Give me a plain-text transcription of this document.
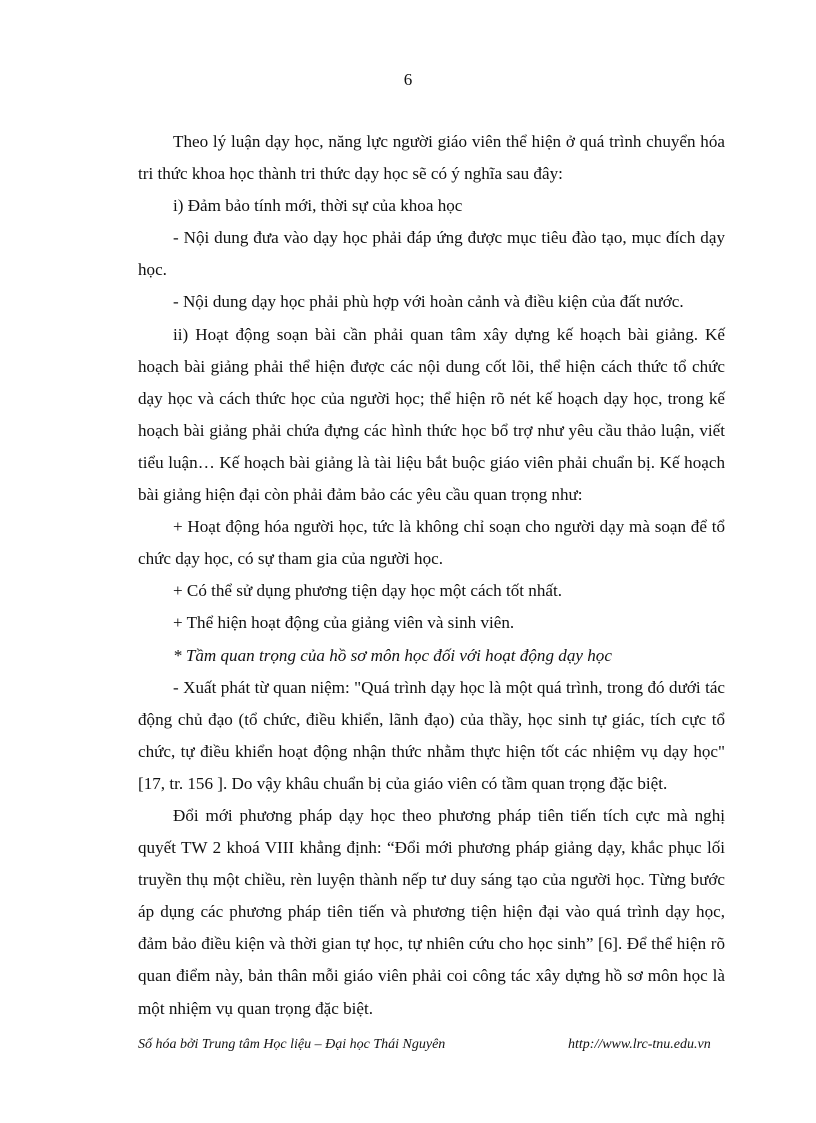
6

Theo lý luận dạy học, năng lực người giáo viên thể hiện ở quá trình chuyển hóa tri thức khoa học thành tri thức dạy học sẽ có ý nghĩa sau đây:

i) Đảm bảo tính mới, thời sự của khoa học

- Nội dung đưa vào dạy học phải đáp ứng được mục tiêu đào tạo, mục đích dạy học.

- Nội dung dạy học phải phù hợp với hoàn cảnh và điều kiện của đất nước.

ii) Hoạt động soạn bài cần phải quan tâm xây dựng kế hoạch bài giảng. Kế hoạch bài giảng phải thể hiện được các nội dung cốt lõi, thể hiện cách thức tổ chức dạy học và cách thức học của người học; thể hiện rõ nét kế hoạch dạy học, trong kế hoạch bài giảng phải chứa đựng các hình thức học bổ trợ như yêu cầu thảo luận, viết tiểu luận… Kế hoạch bài giảng là tài liệu bắt buộc giáo viên phải chuẩn bị. Kế hoạch bài giảng hiện đại còn phải đảm bảo các yêu cầu quan trọng như:

+ Hoạt động hóa người học, tức là không chỉ soạn cho người dạy mà soạn để tổ chức dạy học, có sự tham gia của người học.

+ Có thể sử dụng phương tiện dạy học một cách tốt nhất.

+ Thể hiện hoạt động của giảng viên và sinh viên.

* Tầm quan trọng của hồ sơ môn học đối với hoạt động dạy học

- Xuất phát từ quan niệm: "Quá trình dạy học là một quá trình, trong đó dưới tác động chủ đạo (tổ chức, điều khiển, lãnh đạo) của thầy, học sinh tự giác, tích cực tổ chức, tự điều khiển hoạt động nhận thức nhằm thực hiện tốt các nhiệm vụ dạy học" [17, tr. 156 ]. Do vậy khâu chuẩn bị của giáo viên có tầm quan trọng đặc biệt.

Đổi mới phương pháp dạy học theo phương pháp tiên tiến tích cực mà nghị quyết TW 2 khoá VIII khẳng định: “Đổi mới phương pháp giảng dạy, khắc phục lối truyền thụ một chiều, rèn luyện thành nếp tư duy sáng tạo của người học. Từng bước áp dụng các phương pháp tiên tiến và phương tiện hiện đại vào quá trình dạy học, đảm bảo điều kiện và thời gian tự học, tự nhiên cứu cho học sinh” [6]. Để thể hiện rõ quan điểm này, bản thân mỗi giáo viên phải coi công tác xây dựng hồ sơ môn học là một nhiệm vụ quan trọng đặc biệt.

Số hóa bởi Trung tâm Học liệu – Đại học Thái Nguyên	http://www.lrc-tnu.edu.vn
